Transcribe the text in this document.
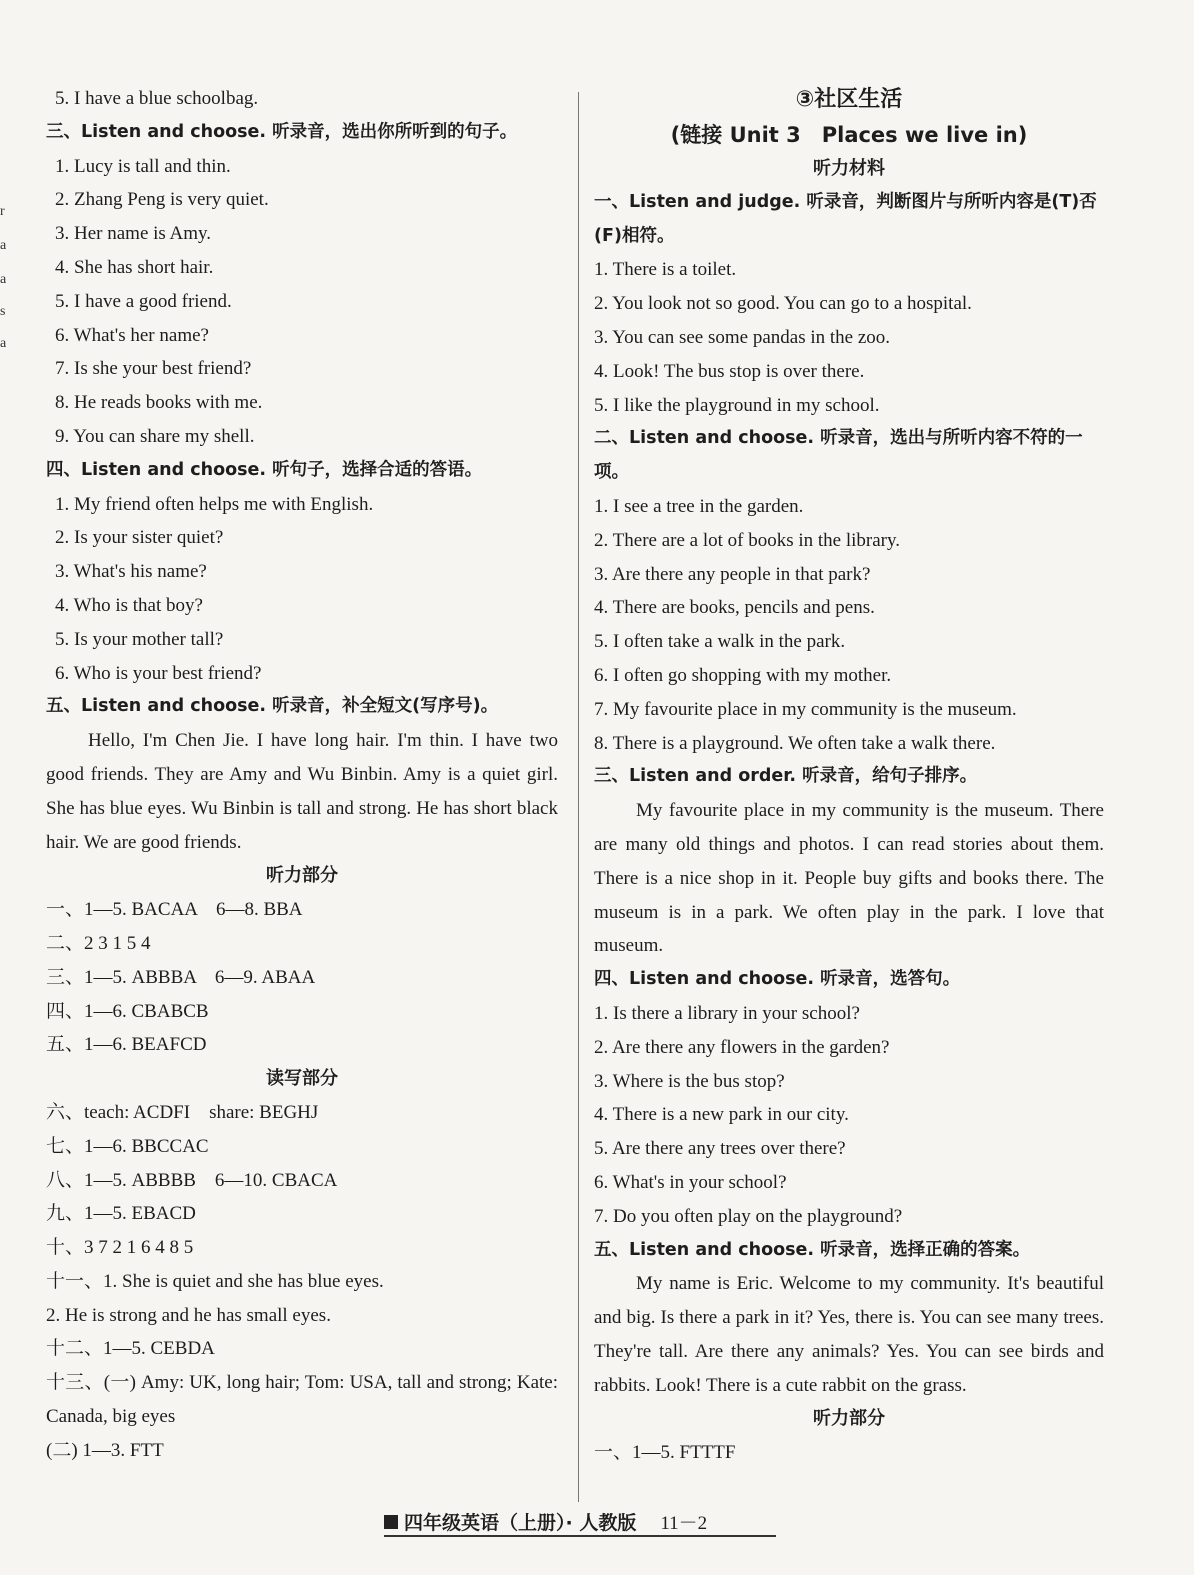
r
a
a
s
a
5. I have a blue schoolbag.
三、Listen and choose. 听录音，选出你所听到的句子。
1. Lucy is tall and thin.
2. Zhang Peng is very quiet.
3. Her name is Amy.
4. She has short hair.
5. I have a good friend.
6. What's her name?
7. Is she your best friend?
8. He reads books with me.
9. You can share my shell.
四、Listen and choose. 听句子，选择合适的答语。
1. My friend often helps me with English.
2. Is your sister quiet?
3. What's his name?
4. Who is that boy?
5. Is your mother tall?
6. Who is your best friend?
五、Listen and choose. 听录音，补全短文(写序号)。

Hello, I'm Chen Jie. I have long hair. I'm thin. I have two good friends. They are Amy and Wu Binbin. Amy is a quiet girl. She has blue eyes. Wu Binbin is tall and strong. He has short black hair. We are good friends.

听力部分
一、1—5. BACAA　6—8. BBA
二、2 3 1 5 4
三、1—5. ABBBA　6—9. ABAA
四、1—6. CBABCB
五、1—6. BEAFCD
读写部分
六、teach: ACDFI　share: BEGHJ
七、1—6. BBCCAC
八、1—5. ABBBB　6—10. CBACA
九、1—5. EBACD
十、3 7 2 1 6 4 8 5
十一、1. She is quiet and she has blue eyes.
2. He is strong and he has small eyes.
十二、1—5. CEBDA
十三、(一) Amy: UK, long hair; Tom: USA, tall and strong; Kate: Canada, big eyes
(二) 1—3. FTT
③社区生活
(链接 Unit 3　Places we live in)
听力材料
一、Listen and judge. 听录音，判断图片与所听内容是(T)否(F)相符。
1. There is a toilet.
2. You look not so good. You can go to a hospital.
3. You can see some pandas in the zoo.
4. Look! The bus stop is over there.
5. I like the playground in my school.
二、Listen and choose. 听录音，选出与所听内容不符的一项。
1. I see a tree in the garden.
2. There are a lot of books in the library.
3. Are there any people in that park?
4. There are books, pencils and pens.
5. I often take a walk in the park.
6. I often go shopping with my mother.
7. My favourite place in my community is the museum.
8. There is a playground. We often take a walk there.
三、Listen and order. 听录音，给句子排序。

My favourite place in my community is the museum. There are many old things and photos. I can read stories about them. There is a nice shop in it. People buy gifts and books there. The museum is in a park. We often play in the park. I love that museum.

四、Listen and choose. 听录音，选答句。
1. Is there a library in your school?
2. Are there any flowers in the garden?
3. Where is the bus stop?
4. There is a new park in our city.
5. Are there any trees over there?
6. What's in your school?
7. Do you often play on the playground?
五、Listen and choose. 听录音，选择正确的答案。

My name is Eric. Welcome to my community. It's beautiful and big. Is there a park in it? Yes, there is. You can see many trees. They're tall. Are there any animals? Yes. You can see birds and rabbits. Look! There is a cute rabbit on the grass.

听力部分
一、1—5. FTTTF
四年级英语（上册）· 人教版 11－2
